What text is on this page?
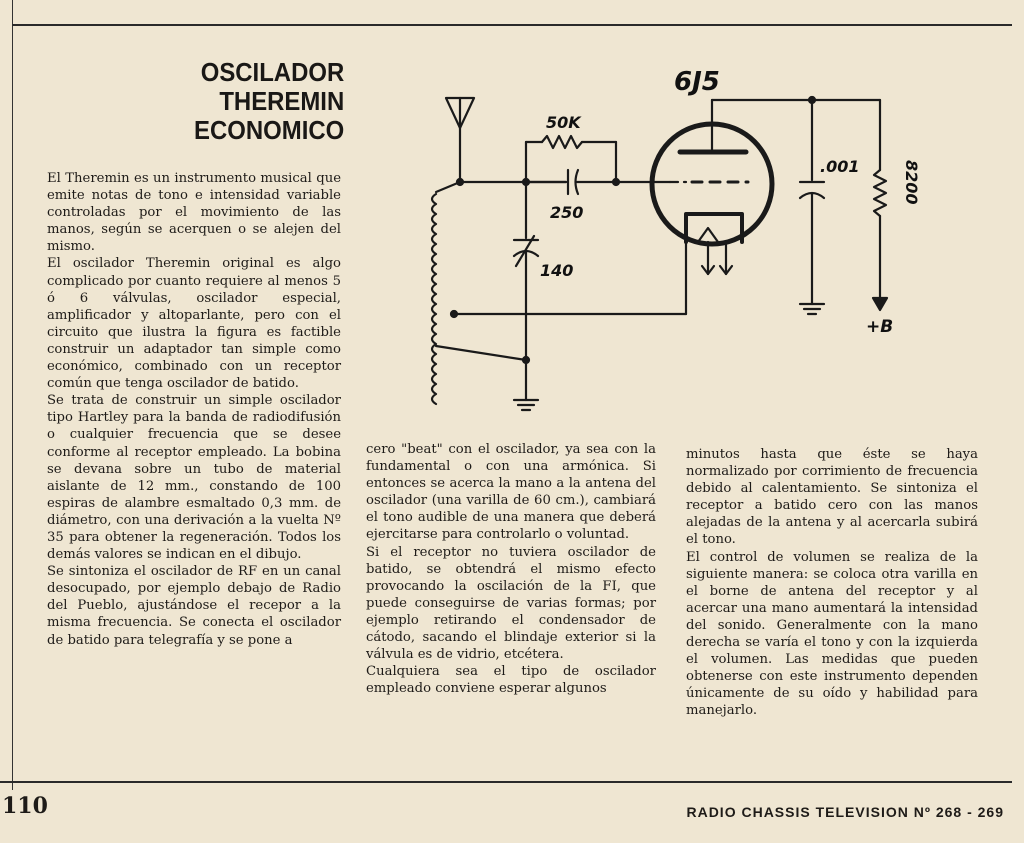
OSCILADOR
THEREMIN
ECONOMICO
6J5
50K
250
140
.001	8200
+B

El Theremin es un instrumento musical que emite notas de tono e intensidad variable controladas por el movimiento de las manos, según se acerquen o se alejen del mismo.

El oscilador Theremin original es algo complicado por cuanto requiere al menos 5 ó 6 válvulas, oscilador especial, amplificador y altoparlante, pero con el circuito que ilustra la figura es factible construir un adaptador tan simple como económico, combinado con un receptor común que tenga oscilador de batido.

Se trata de construir un simple oscilador tipo Hartley para la banda de radiodifusión o cualquier frecuencia que se desee conforme al receptor empleado. La bobina se devana sobre un tubo de material aislante de 12 mm., constando de 100 espiras de alambre esmaltado 0,3 mm. de diámetro, con una derivación a la vuelta Nº 35 para obtener la regeneración. Todos los demás valores se indican en el dibujo.

Se sintoniza el oscilador de RF en un canal desocupado, por ejemplo debajo de Radio del Pueblo, ajustándose el recepor a la misma frecuencia. Se conecta el oscilador de batido para telegrafía y se pone a

cero "beat" con el oscilador, ya sea con la fundamental o con una armónica. Si entonces se acerca la mano a la antena del oscilador (una varilla de 60 cm.), cambiará el tono audible de una manera que deberá ejercitarse para controlarlo o voluntad.

Si el receptor no tuviera oscilador de batido, se obtendrá el mismo efecto provocando la oscilación de la FI, que puede conseguirse de varias formas; por ejemplo retirando el condensador de cátodo, sacando el blindaje exterior si la válvula es de vidrio, etcétera.

Cualquiera sea el tipo de oscilador empleado conviene esperar algunos

minutos hasta que éste se haya normalizado por corrimiento de frecuencia debido al calentamiento. Se sintoniza el receptor a batido cero con las manos alejadas de la antena y al acercarla subirá el tono.

El control de volumen se realiza de la siguiente manera: se coloca otra varilla en el borne de antena del receptor y al acercar una mano aumentará la intensidad del sonido. Generalmente con la mano derecha se varía el tono y con la izquierda el volumen. Las medidas que pueden obtenerse con este instrumento dependen únicamente de su oído y habilidad para manejarlo.

110	RADIO CHASSIS TELEVISION Nº 268 - 269
